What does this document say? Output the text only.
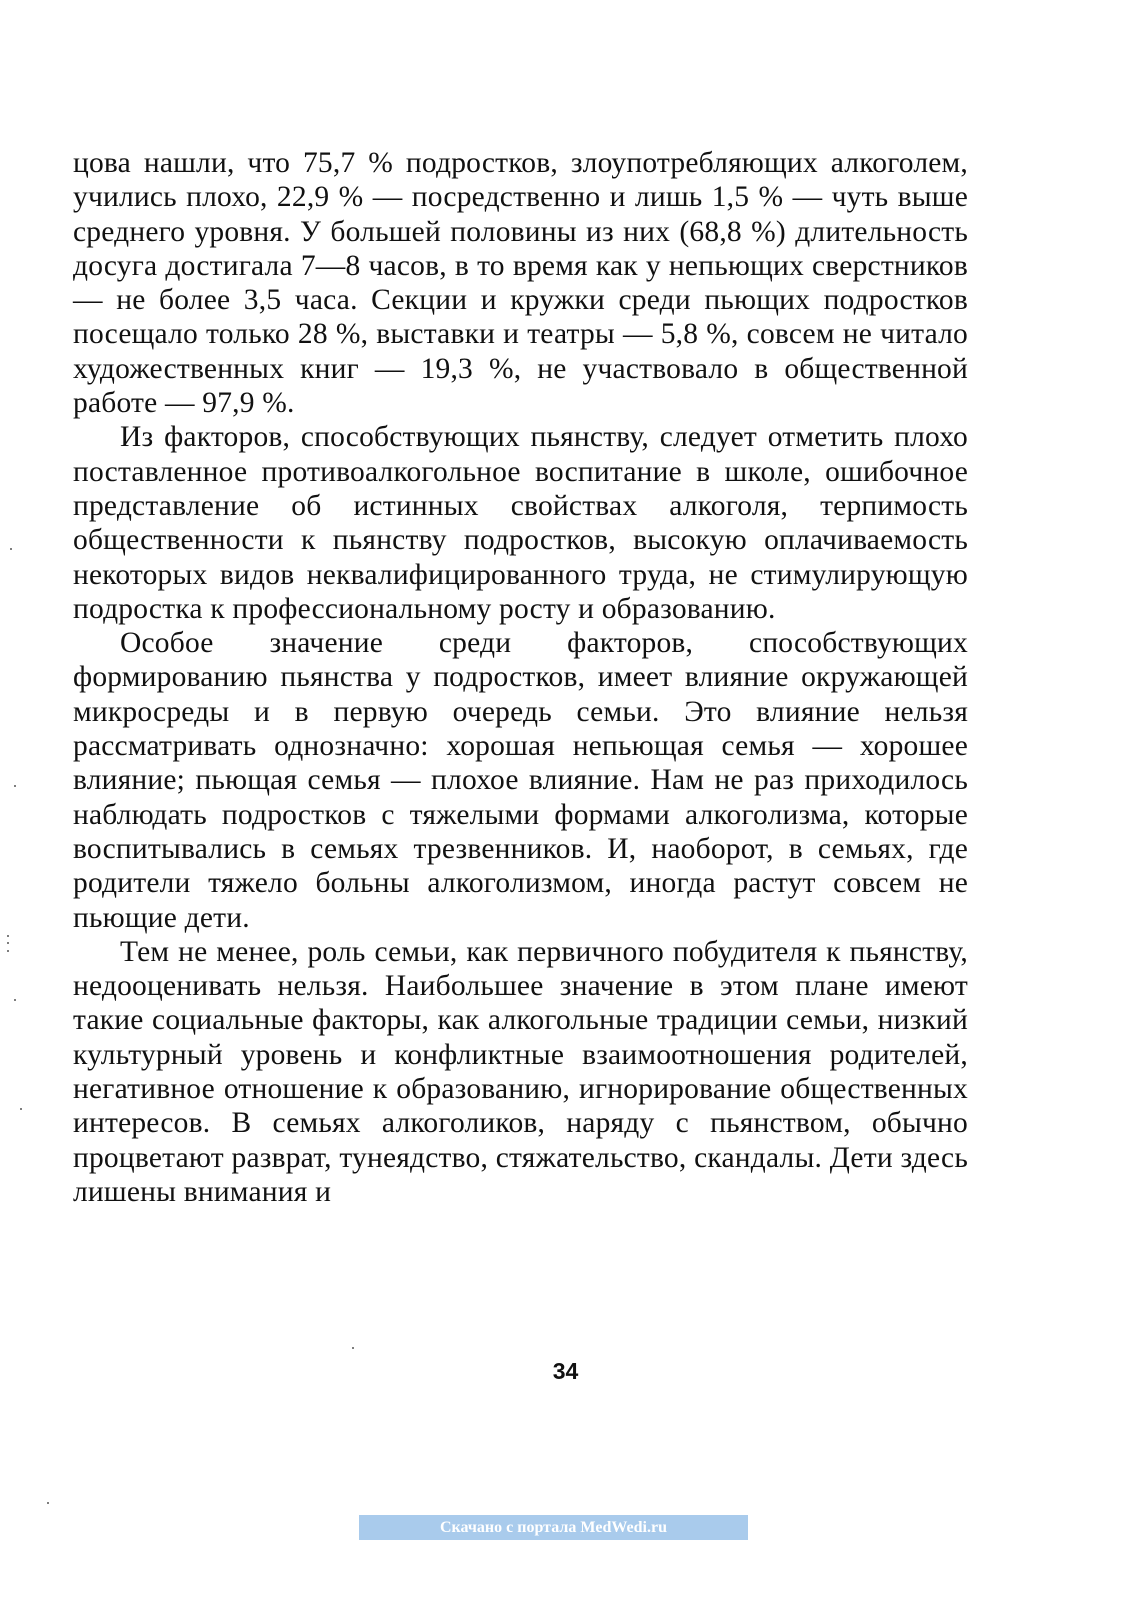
цова нашли, что 75,7 % подростков, злоупотребляющих алкоголем, учились плохо, 22,9 % — посредственно и лишь 1,5 % — чуть выше среднего уровня. У большей половины из них (68,8 %) длительность досуга достигала 7—8 часов, в то время как у непьющих сверстников — не более 3,5 часа. Секции и кружки среди пьющих подростков посещало только 28 %, выставки и театры — 5,8 %, совсем не читало художественных книг — 19,3 %, не участвовало в общественной работе — 97,9 %.

Из факторов, способствующих пьянству, следует отметить плохо поставленное противоалкогольное воспитание в школе, ошибочное представление об истинных свойствах алкоголя, терпимость общественности к пьянству подростков, высокую оплачиваемость некоторых видов неквалифицированного труда, не стимулирующую подростка к профессиональному росту и образованию.

Особое значение среди факторов, способствующих формированию пьянства у подростков, имеет влияние окружающей микросреды и в первую очередь семьи. Это влияние нельзя рассматривать однозначно: хорошая непьющая семья — хорошее влияние; пьющая семья — плохое влияние. Нам не раз приходилось наблюдать подростков с тяжелыми формами алкоголизма, которые воспитывались в семьях трезвенников. И, наоборот, в семьях, где родители тяжело больны алкоголизмом, иногда растут совсем не пьющие дети.

Тем не менее, роль семьи, как первичного побудителя к пьянству, недооценивать нельзя. Наибольшее значение в этом плане имеют такие социальные факторы, как алкогольные традиции семьи, низкий культурный уровень и конфликтные взаимоотношения родителей, негативное отношение к образованию, игнорирование общественных интересов. В семьях алкоголиков, наряду с пьянством, обычно процветают разврат, тунеядство, стяжательство, скандалы. Дети здесь лишены внимания и

34
Скачано с портала MedWedi.ru
